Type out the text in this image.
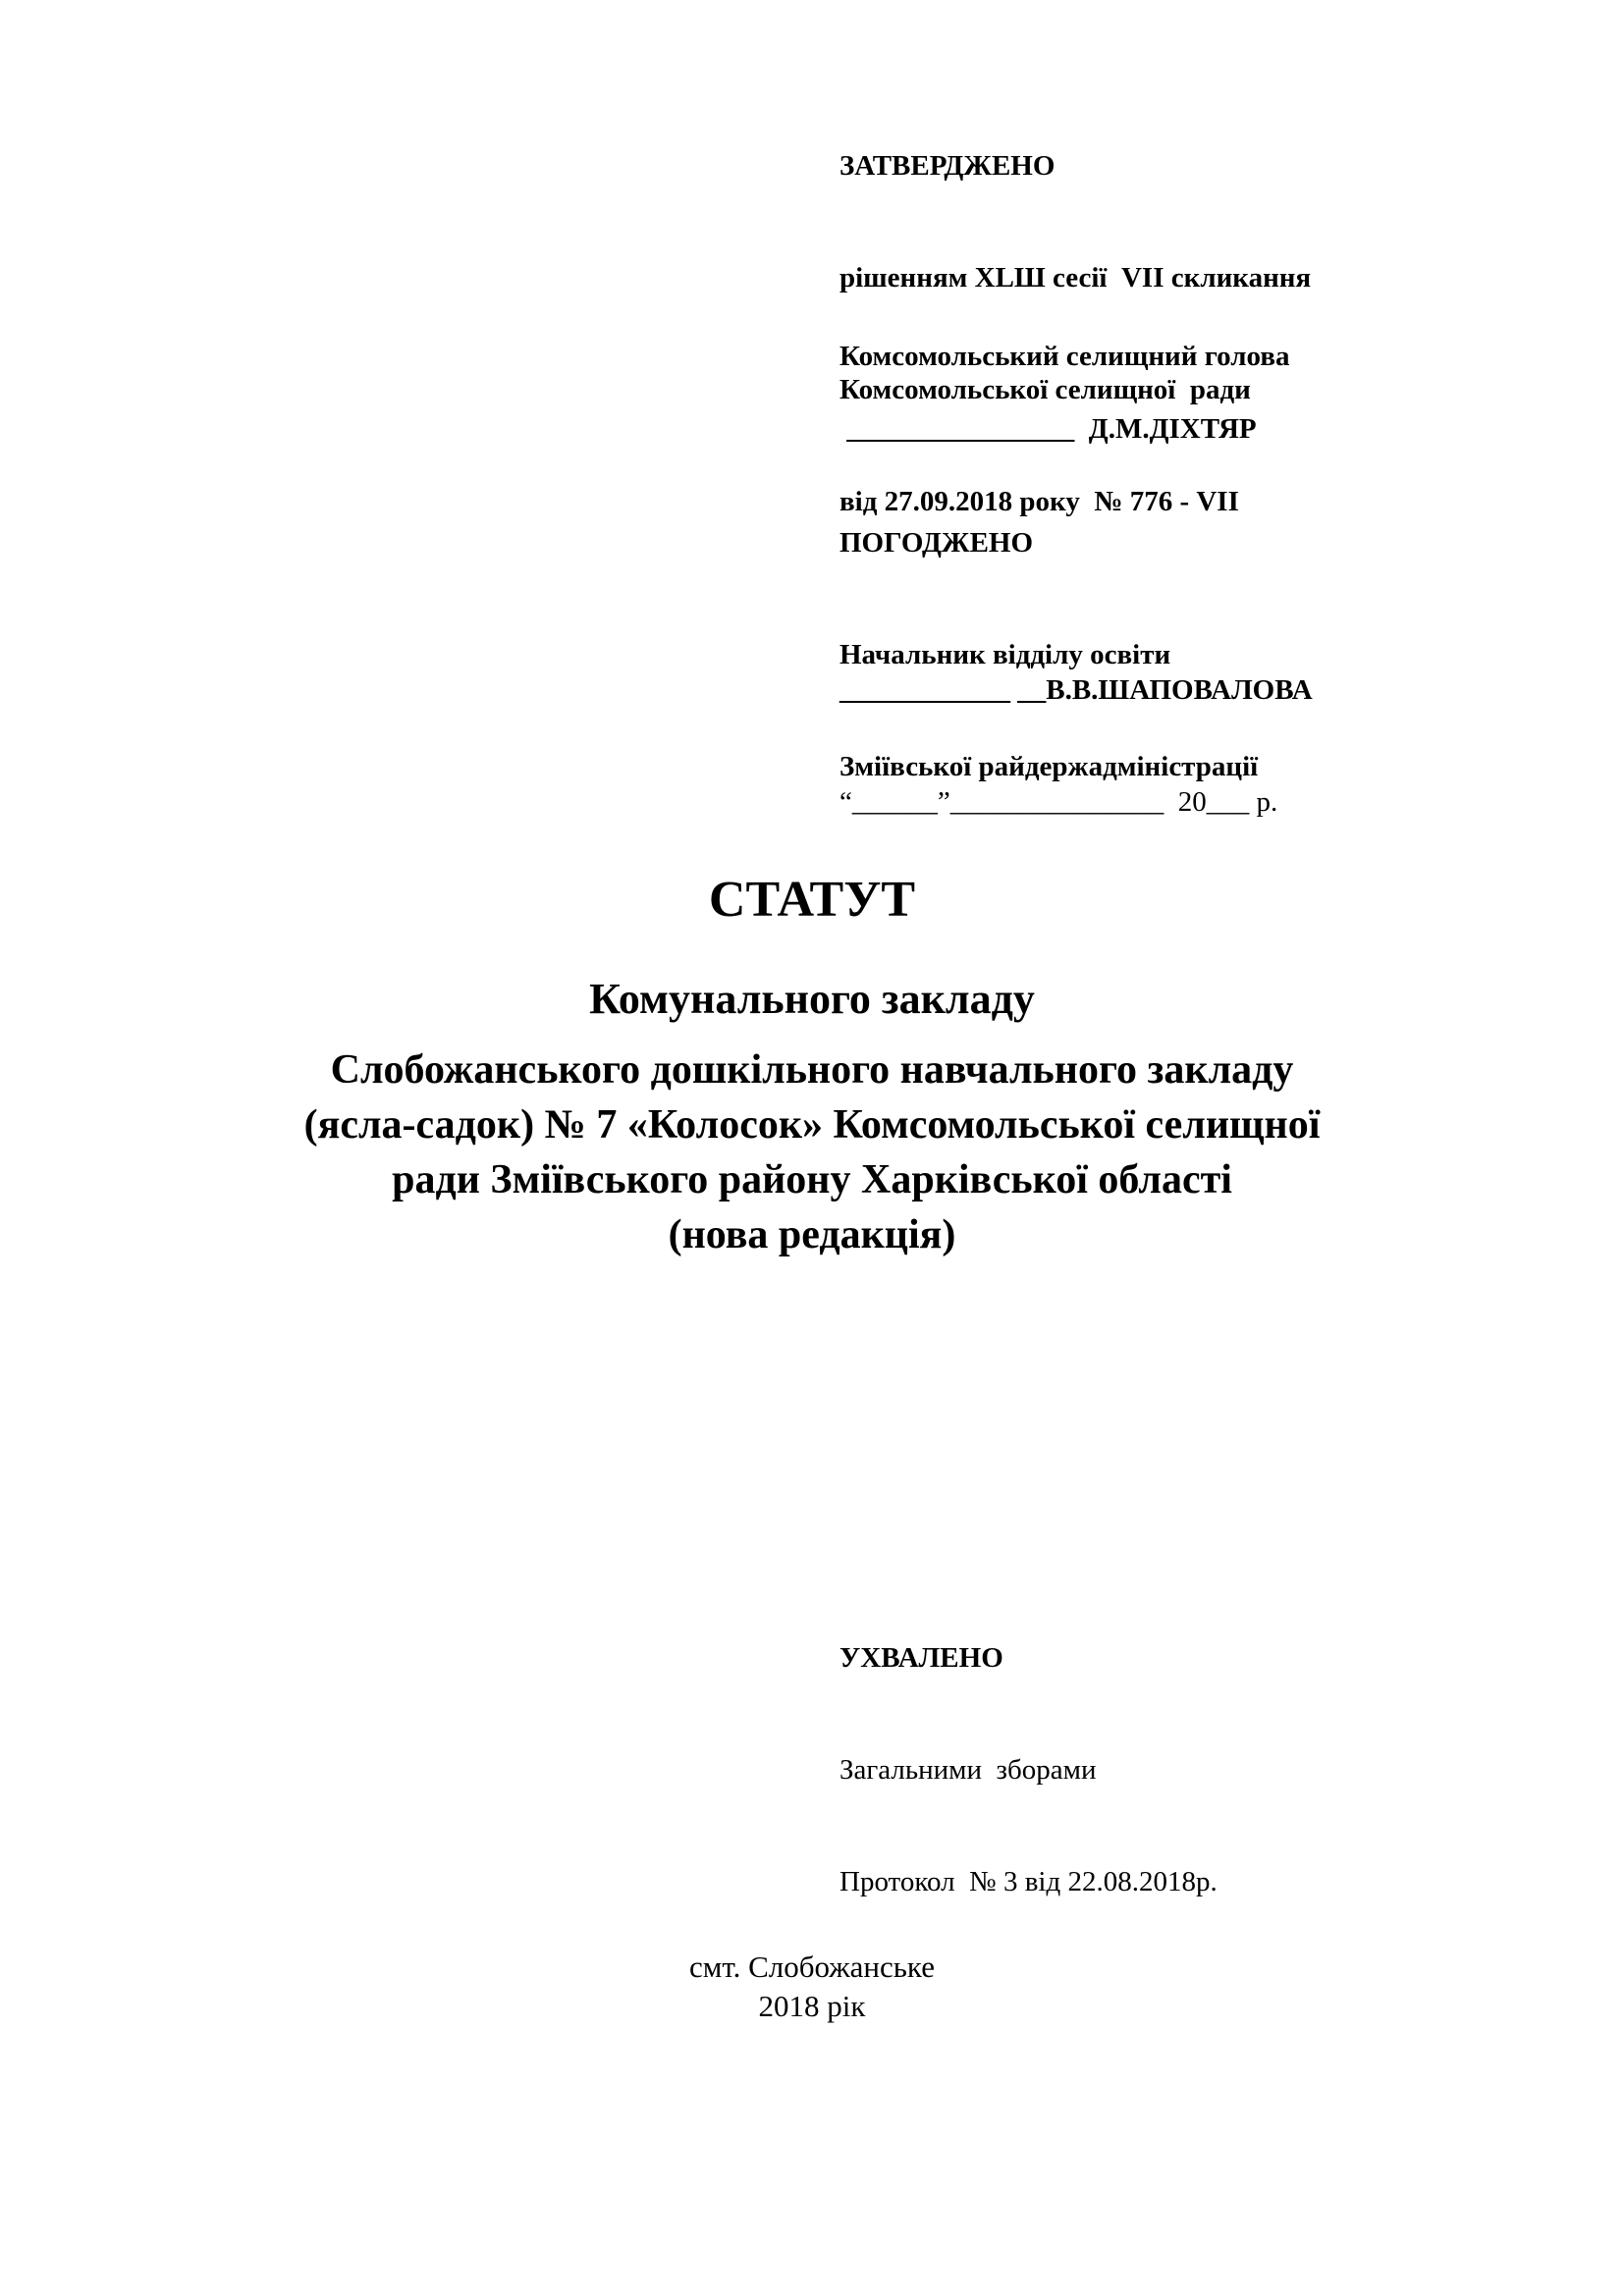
ЗАТВЕРДЖЕНО

рішенням XLШ сесії  VII скликання

Комсомольської селищної  ради

від 27.09.2018 року  № 776 - VII

Комсомольський селищний голова

________________  Д.М.ДІХТЯР

ПОГОДЖЕНО

Начальник відділу освіти

Зміївської райдержадміністрації

____________ __В.В.ШАПОВАЛОВА

“______”_______________  20___ р.

СТАТУТ
Комунального закладу
Слобожанського дошкільного навчального закладу
(ясла-садок) № 7 «Колосок» Комсомольської селищної
ради Зміївського району Харківської області
(нова редакція)

УХВАЛЕНО

Загальними  зборами

Протокол  № 3 від 22.08.2018р.

смт. Слобожанське
2018 рік
